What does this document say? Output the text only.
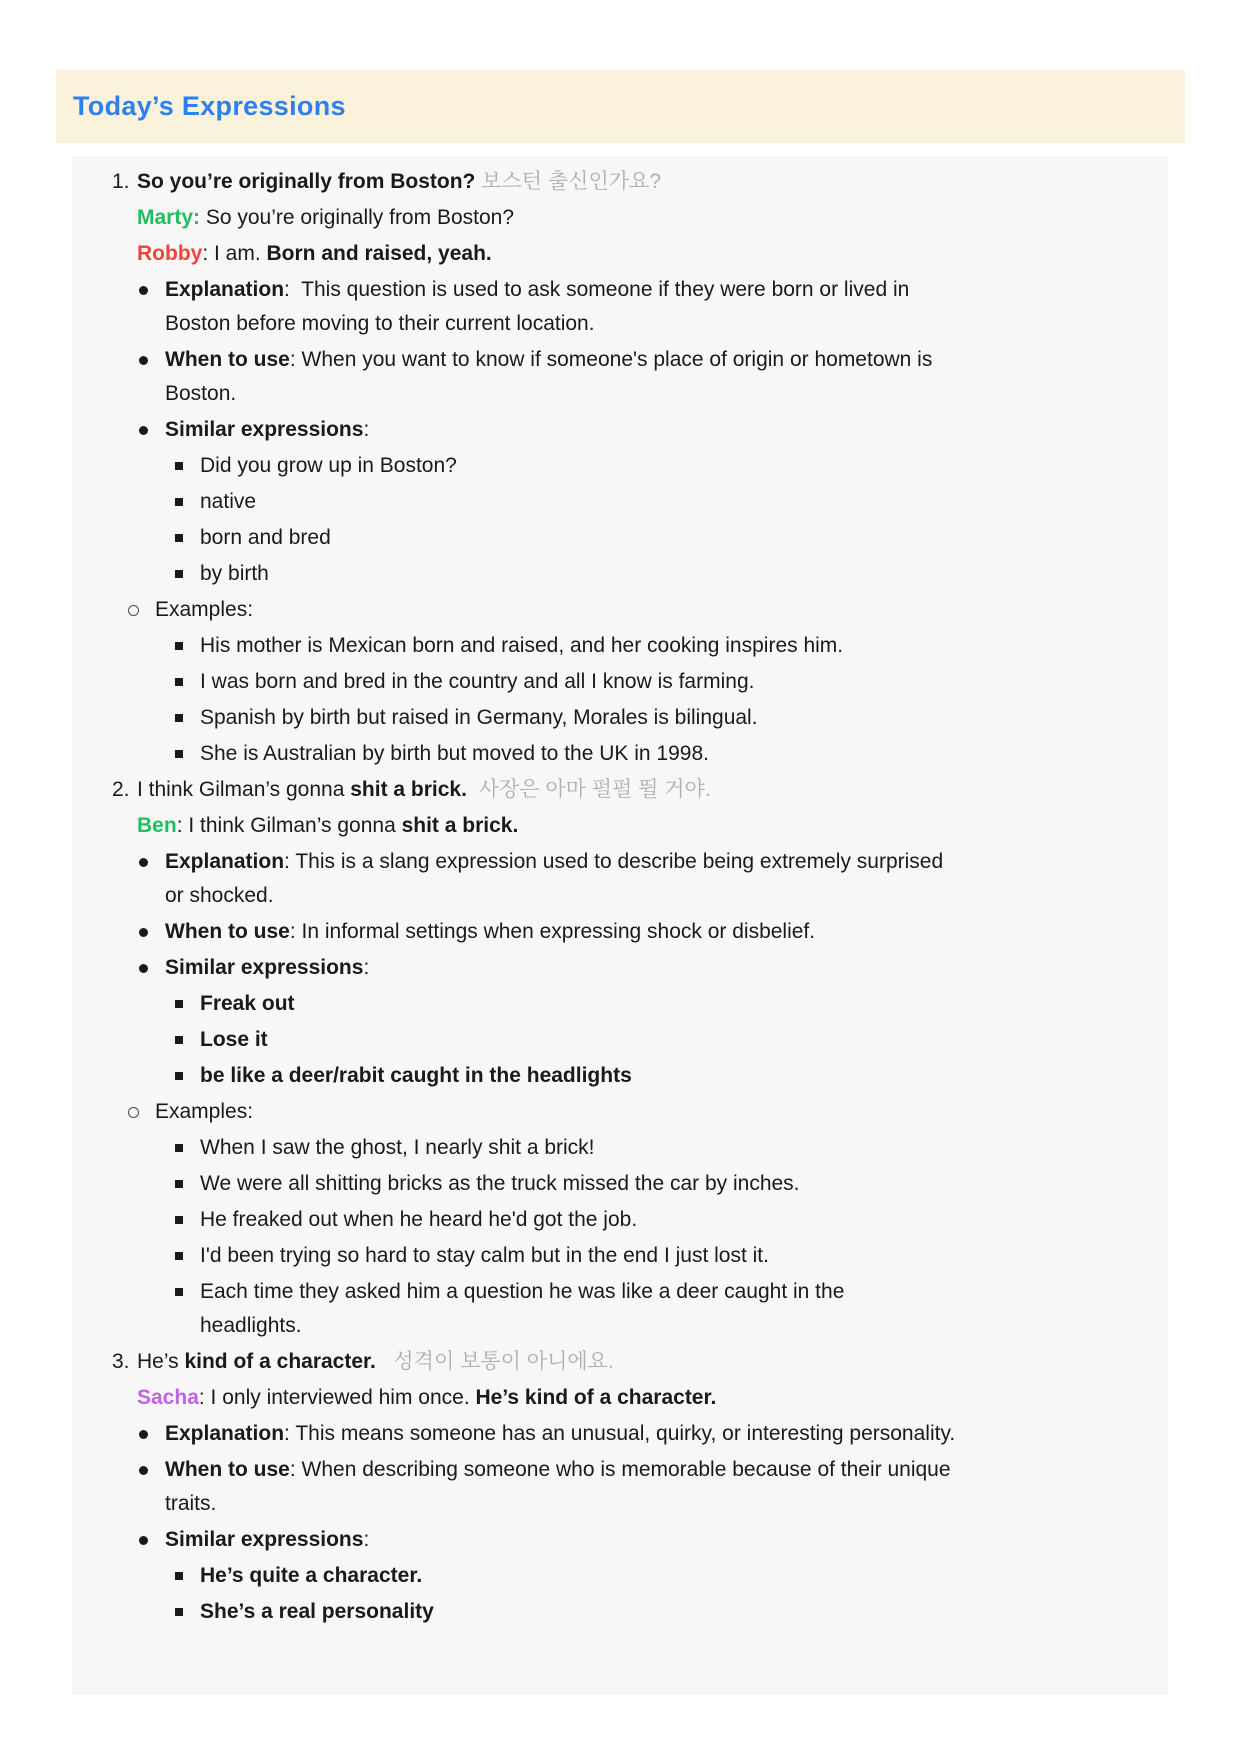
Today’s Expressions
1. So you’re originally from Boston? 보스턴 출신인가요?
Marty: So you’re originally from Boston?
Robby: I am. Born and raised, yeah.
Explanation:  This question is used to ask someone if they were born or lived in Boston before moving to their current location.
When to use: When you want to know if someone's place of origin or hometown is Boston.
Similar expressions:
Did you grow up in Boston?
native
born and bred
by birth
Examples:
His mother is Mexican born and raised, and her cooking inspires him.
I was born and bred in the country and all I know is farming.
Spanish by birth but raised in Germany, Morales is bilingual.
She is Australian by birth but moved to the UK in 1998.
2. I think Gilman’s gonna shit a brick.  사장은 아마 펄펄 뛸 거야.
Ben: I think Gilman’s gonna shit a brick.
Explanation: This is a slang expression used to describe being extremely surprised or shocked.
When to use: In informal settings when expressing shock or disbelief.
Similar expressions:
Freak out
Lose it
be like a deer/rabit caught in the headlights
Examples:
When I saw the ghost, I nearly shit a brick!
We were all shitting bricks as the truck missed the car by inches.
He freaked out when he heard he'd got the job.
I'd been trying so hard to stay calm but in the end I just lost it.
Each time they asked him a question he was like a deer caught in the headlights.
3. He’s kind of a character.   성격이 보통이 아니에요.
Sacha: I only interviewed him once. He’s kind of a character.
Explanation: This means someone has an unusual, quirky, or interesting personality.
When to use: When describing someone who is memorable because of their unique traits.
Similar expressions:
He’s quite a character.
She’s a real personality
